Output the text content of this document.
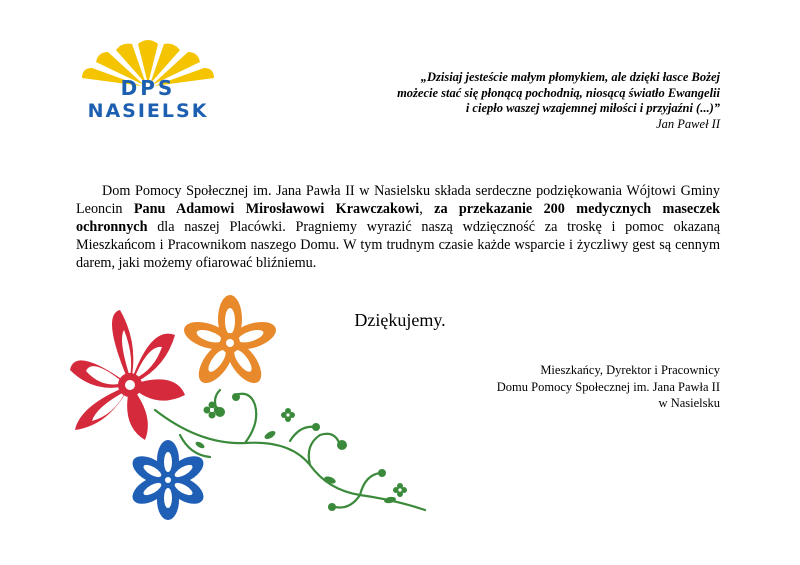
DPS
NASIELSK
„Dzisiaj jesteście małym płomykiem, ale dzięki łasce Bożej
możecie stać się płonącą pochodnią, niosącą światło Ewangelii
i ciepło waszej wzajemnej miłości i przyjaźni (...)”
Jan Paweł II

Dom Pomocy Społecznej im. Jana Pawła II w Nasielsku składa serdeczne podziękowania Wójtowi Gminy Leoncin Panu Adamowi Mirosławowi Krawczakowi, za przekazanie 200 medycznych maseczek ochronnych dla naszej Placówki. Pragniemy wyrazić naszą wdzięczność za troskę i pomoc okazaną Mieszkańcom i Pracownikom naszego Domu. W tym trudnym czasie każde wsparcie i życzliwy gest są cennym darem, jaki możemy ofiarować bliźniemu.

Dziękujemy.
Mieszkańcy, Dyrektor i Pracownicy
Domu Pomocy Społecznej im. Jana Pawła II
w Nasielsku
